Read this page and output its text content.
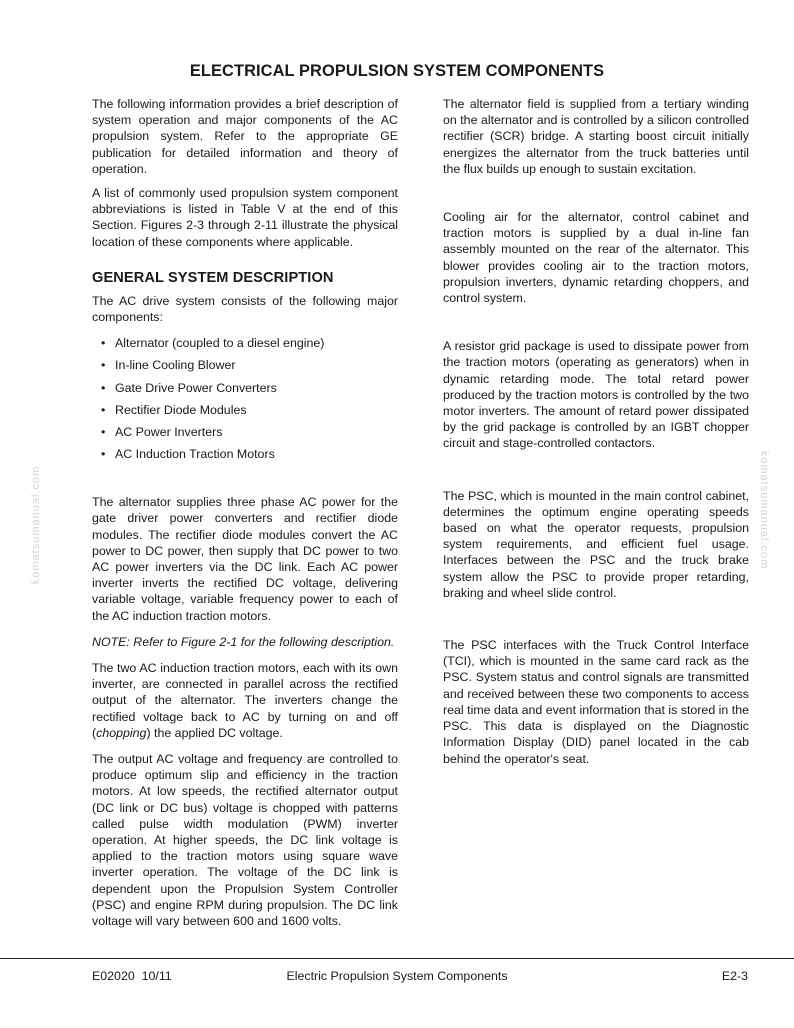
ELECTRICAL PROPULSION SYSTEM COMPONENTS
komatsumanual.com	komatsumanual.com

The following information provides a brief description of system operation and major components of the AC propulsion system. Refer to the appropriate GE publication for detailed information and theory of operation.

A list of commonly used propulsion system component abbreviations is listed in Table V at the end of this Section. Figures 2-3 through 2-11 illustrate the physical location of these components where applicable.

GENERAL SYSTEM DESCRIPTION

The AC drive system consists of the following major components:

• Alternator (coupled to a diesel engine)
• In-line Cooling Blower
• Gate Drive Power Converters
• Rectifier Diode Modules
• AC Power Inverters
• AC Induction Traction Motors

The alternator supplies three phase AC power for the gate driver power converters and rectifier diode modules. The rectifier diode modules convert the AC power to DC power, then supply that DC power to two AC power inverters via the DC link. Each AC power inverter inverts the rectified DC voltage, delivering variable voltage, variable frequency power to each of the AC induction traction motors.

NOTE: Refer to Figure 2-1 for the following description.

The two AC induction traction motors, each with its own inverter, are connected in parallel across the rectified output of the alternator. The inverters change the rectified voltage back to AC by turning on and off (chopping) the applied DC voltage.

The output AC voltage and frequency are controlled to produce optimum slip and efficiency in the traction motors. At low speeds, the rectified alternator output (DC link or DC bus) voltage is chopped with patterns called pulse width modulation (PWM) inverter operation. At higher speeds, the DC link voltage is applied to the traction motors using square wave inverter operation. The voltage of the DC link is dependent upon the Propulsion System Controller (PSC) and engine RPM during propulsion. The DC link voltage will vary between 600 and 1600 volts.

The alternator field is supplied from a tertiary winding on the alternator and is controlled by a silicon controlled rectifier (SCR) bridge. A starting boost circuit initially energizes the alternator from the truck batteries until the flux builds up enough to sustain excitation.

Cooling air for the alternator, control cabinet and traction motors is supplied by a dual in-line fan assembly mounted on the rear of the alternator. This blower provides cooling air to the traction motors, propulsion inverters, dynamic retarding choppers, and control system.

A resistor grid package is used to dissipate power from the traction motors (operating as generators) when in dynamic retarding mode. The total retard power produced by the traction motors is controlled by the two motor inverters. The amount of retard power dissipated by the grid package is controlled by an IGBT chopper circuit and stage-controlled contactors.

The PSC, which is mounted in the main control cabinet, determines the optimum engine operating speeds based on what the operator requests, propulsion system requirements, and efficient fuel usage. Interfaces between the PSC and the truck brake system allow the PSC to provide proper retarding, braking and wheel slide control.

The PSC interfaces with the Truck Control Interface (TCI), which is mounted in the same card rack as the PSC. System status and control signals are transmitted and received between these two components to access real time data and event information that is stored in the PSC. This data is displayed on the Diagnostic Information Display (DID) panel located in the cab behind the operator's seat.

E02020  10/11	Electric Propulsion System Components	E2-3
